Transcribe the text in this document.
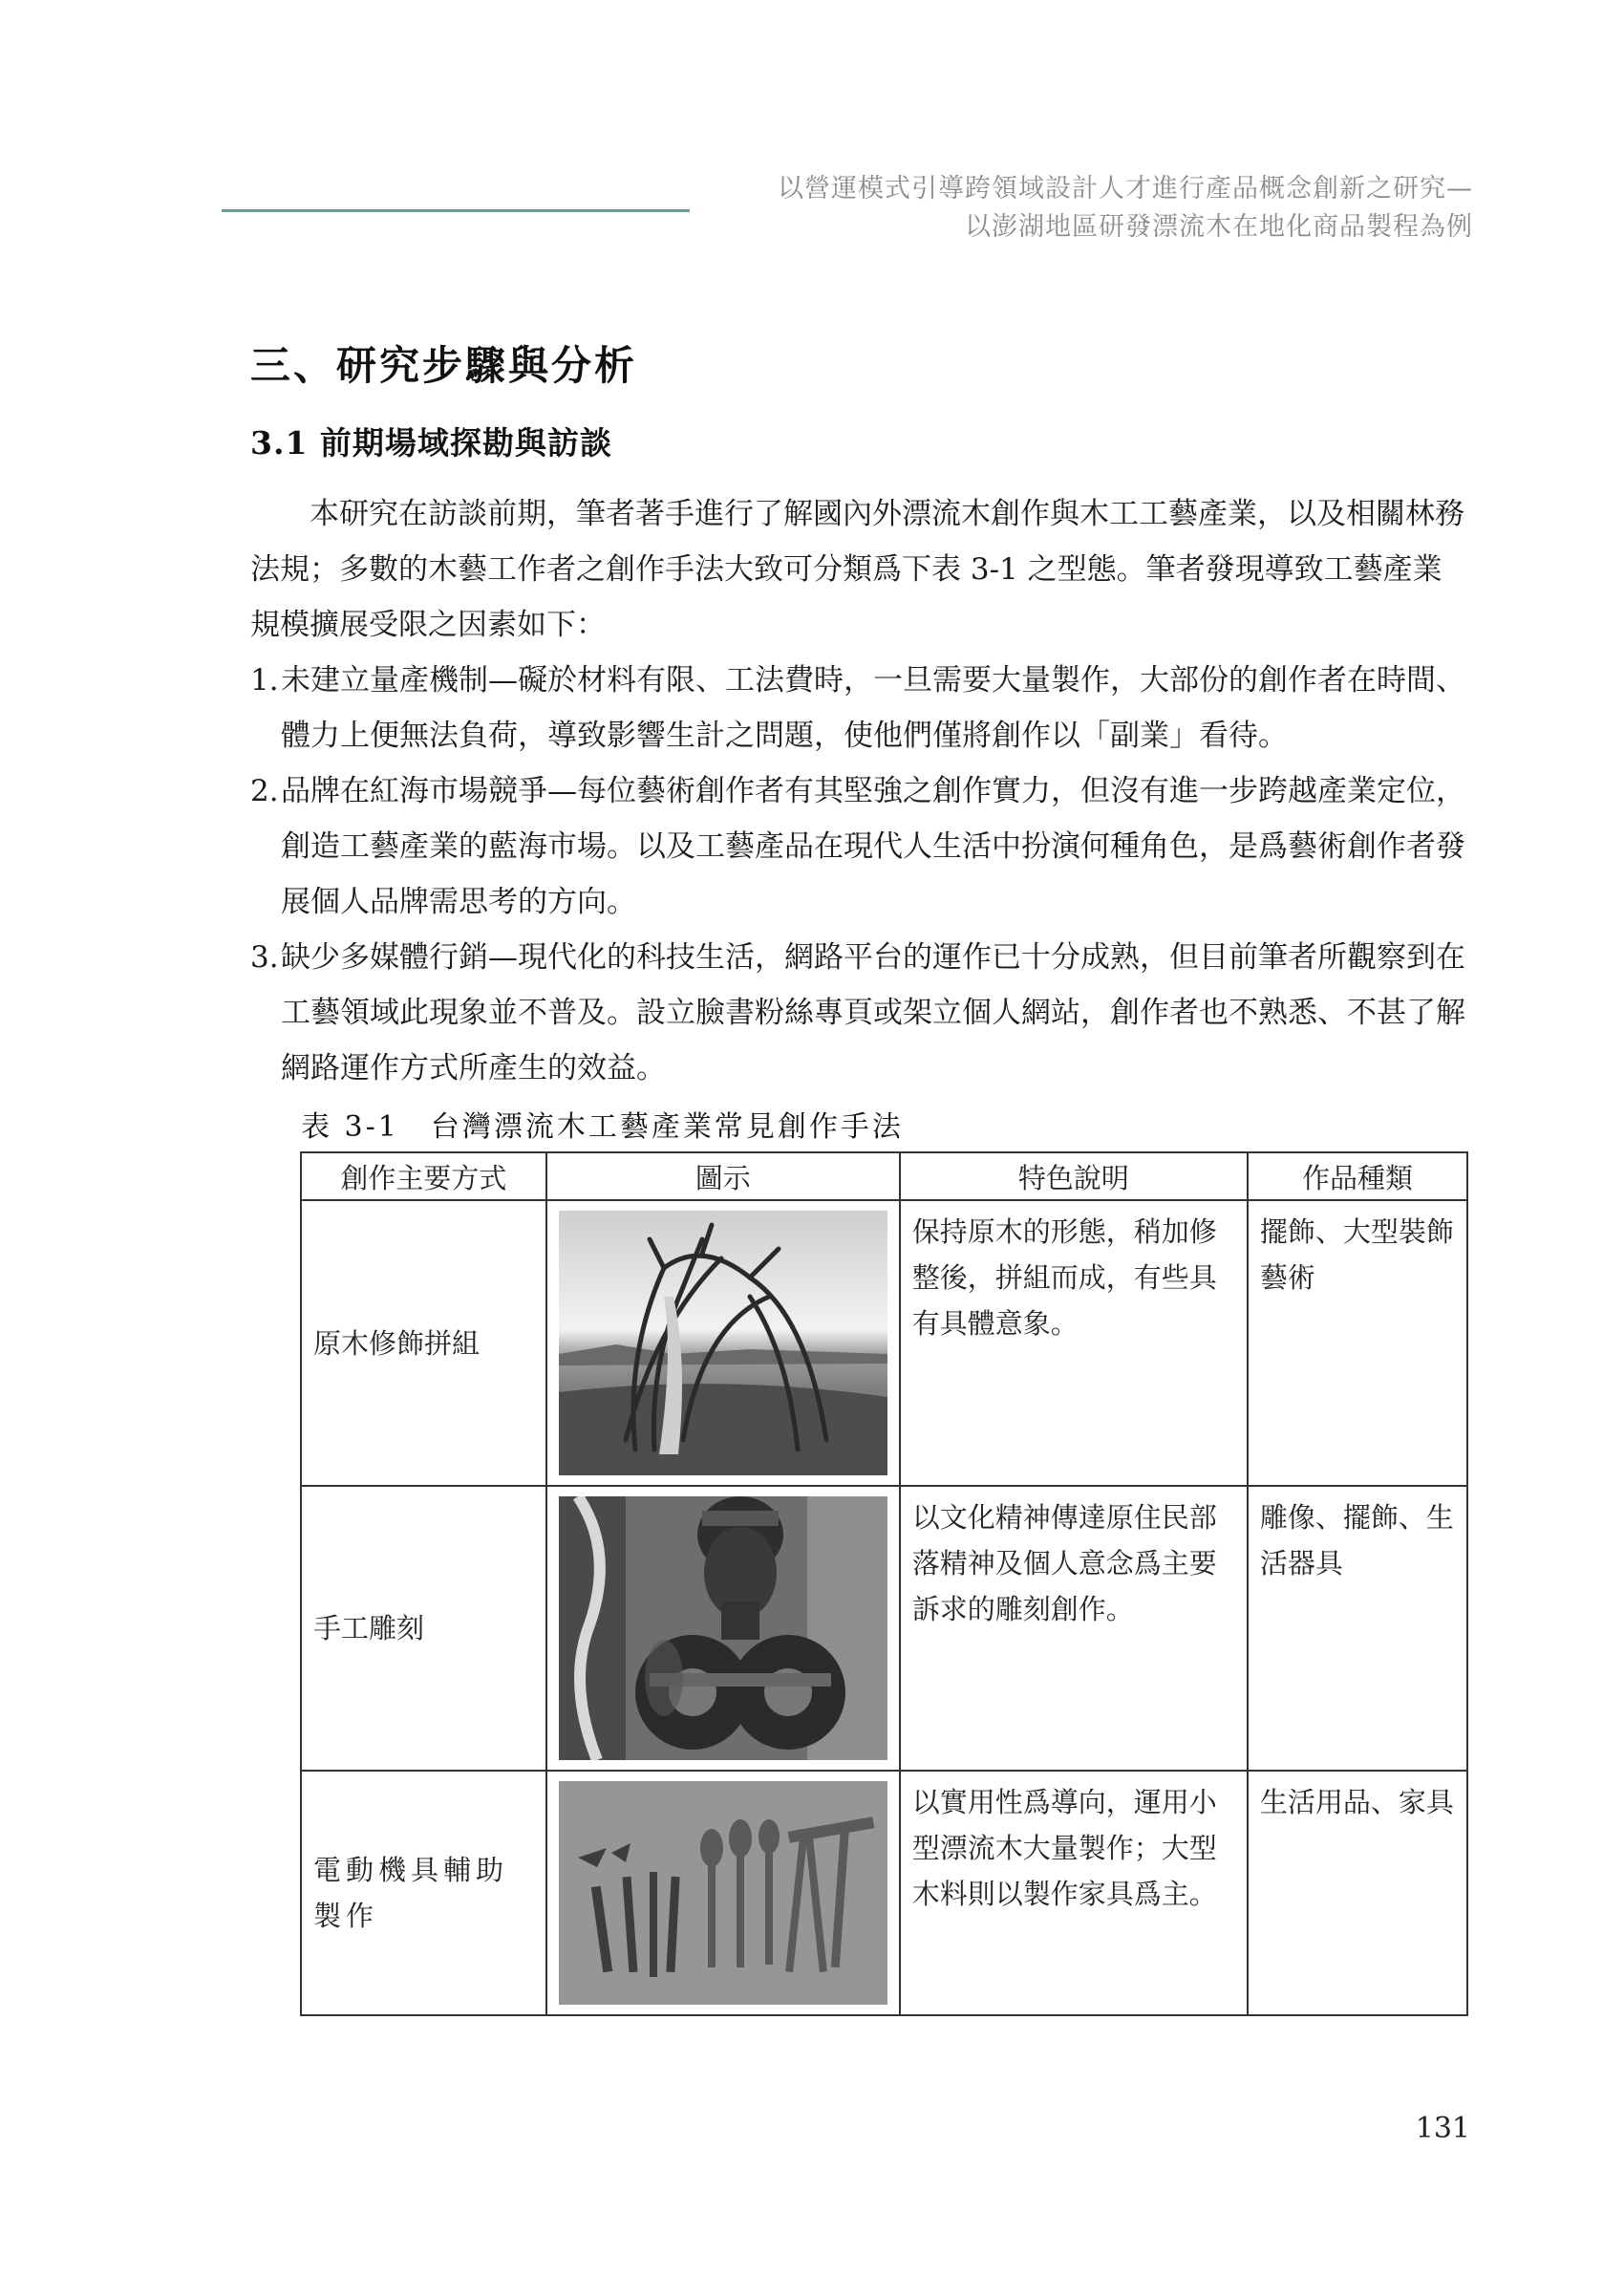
以營運模式引導跨領域設計人才進行產品概念創新之研究—
以澎湖地區研發漂流木在地化商品製程為例
三、研究步驟與分析
3.1 前期場域探勘與訪談

本研究在訪談前期，筆者著手進行了解國內外漂流木創作與木工工藝產業，以及相關林務法規；多數的木藝工作者之創作手法大致可分類爲下表 3-1 之型態。筆者發現導致工藝產業規模擴展受限之因素如下：

1. 未建立量產機制—礙於材料有限、工法費時，一旦需要大量製作，大部份的創作者在時間、體力上便無法負荷，導致影響生計之問題，使他們僅將創作以「副業」看待。
2. 品牌在紅海市場競爭—每位藝術創作者有其堅強之創作實力，但沒有進一步跨越產業定位，創造工藝產業的藍海市場。以及工藝產品在現代人生活中扮演何種角色，是爲藝術創作者發展個人品牌需思考的方向。
3. 缺少多媒體行銷—現代化的科技生活，網路平台的運作已十分成熟，但目前筆者所觀察到在工藝領域此現象並不普及。設立臉書粉絲專頁或架立個人網站，創作者也不熟悉、不甚了解網路運作方式所產生的效益。
表 3-1　台灣漂流木工藝產業常見創作手法
創作主要方式	圖示	特色說明	作品種類
原木修飾拼組		保持原木的形態，稍加修整後，拼組而成，有些具有具體意象。	擺飾、大型裝飾藝術
手工雕刻		以文化精神傳達原住民部落精神及個人意念爲主要訴求的雕刻創作。	雕像、擺飾、生活器具
電動機具輔助製作		以實用性爲導向，運用小型漂流木大量製作；大型木料則以製作家具爲主。	生活用品、家具
131
